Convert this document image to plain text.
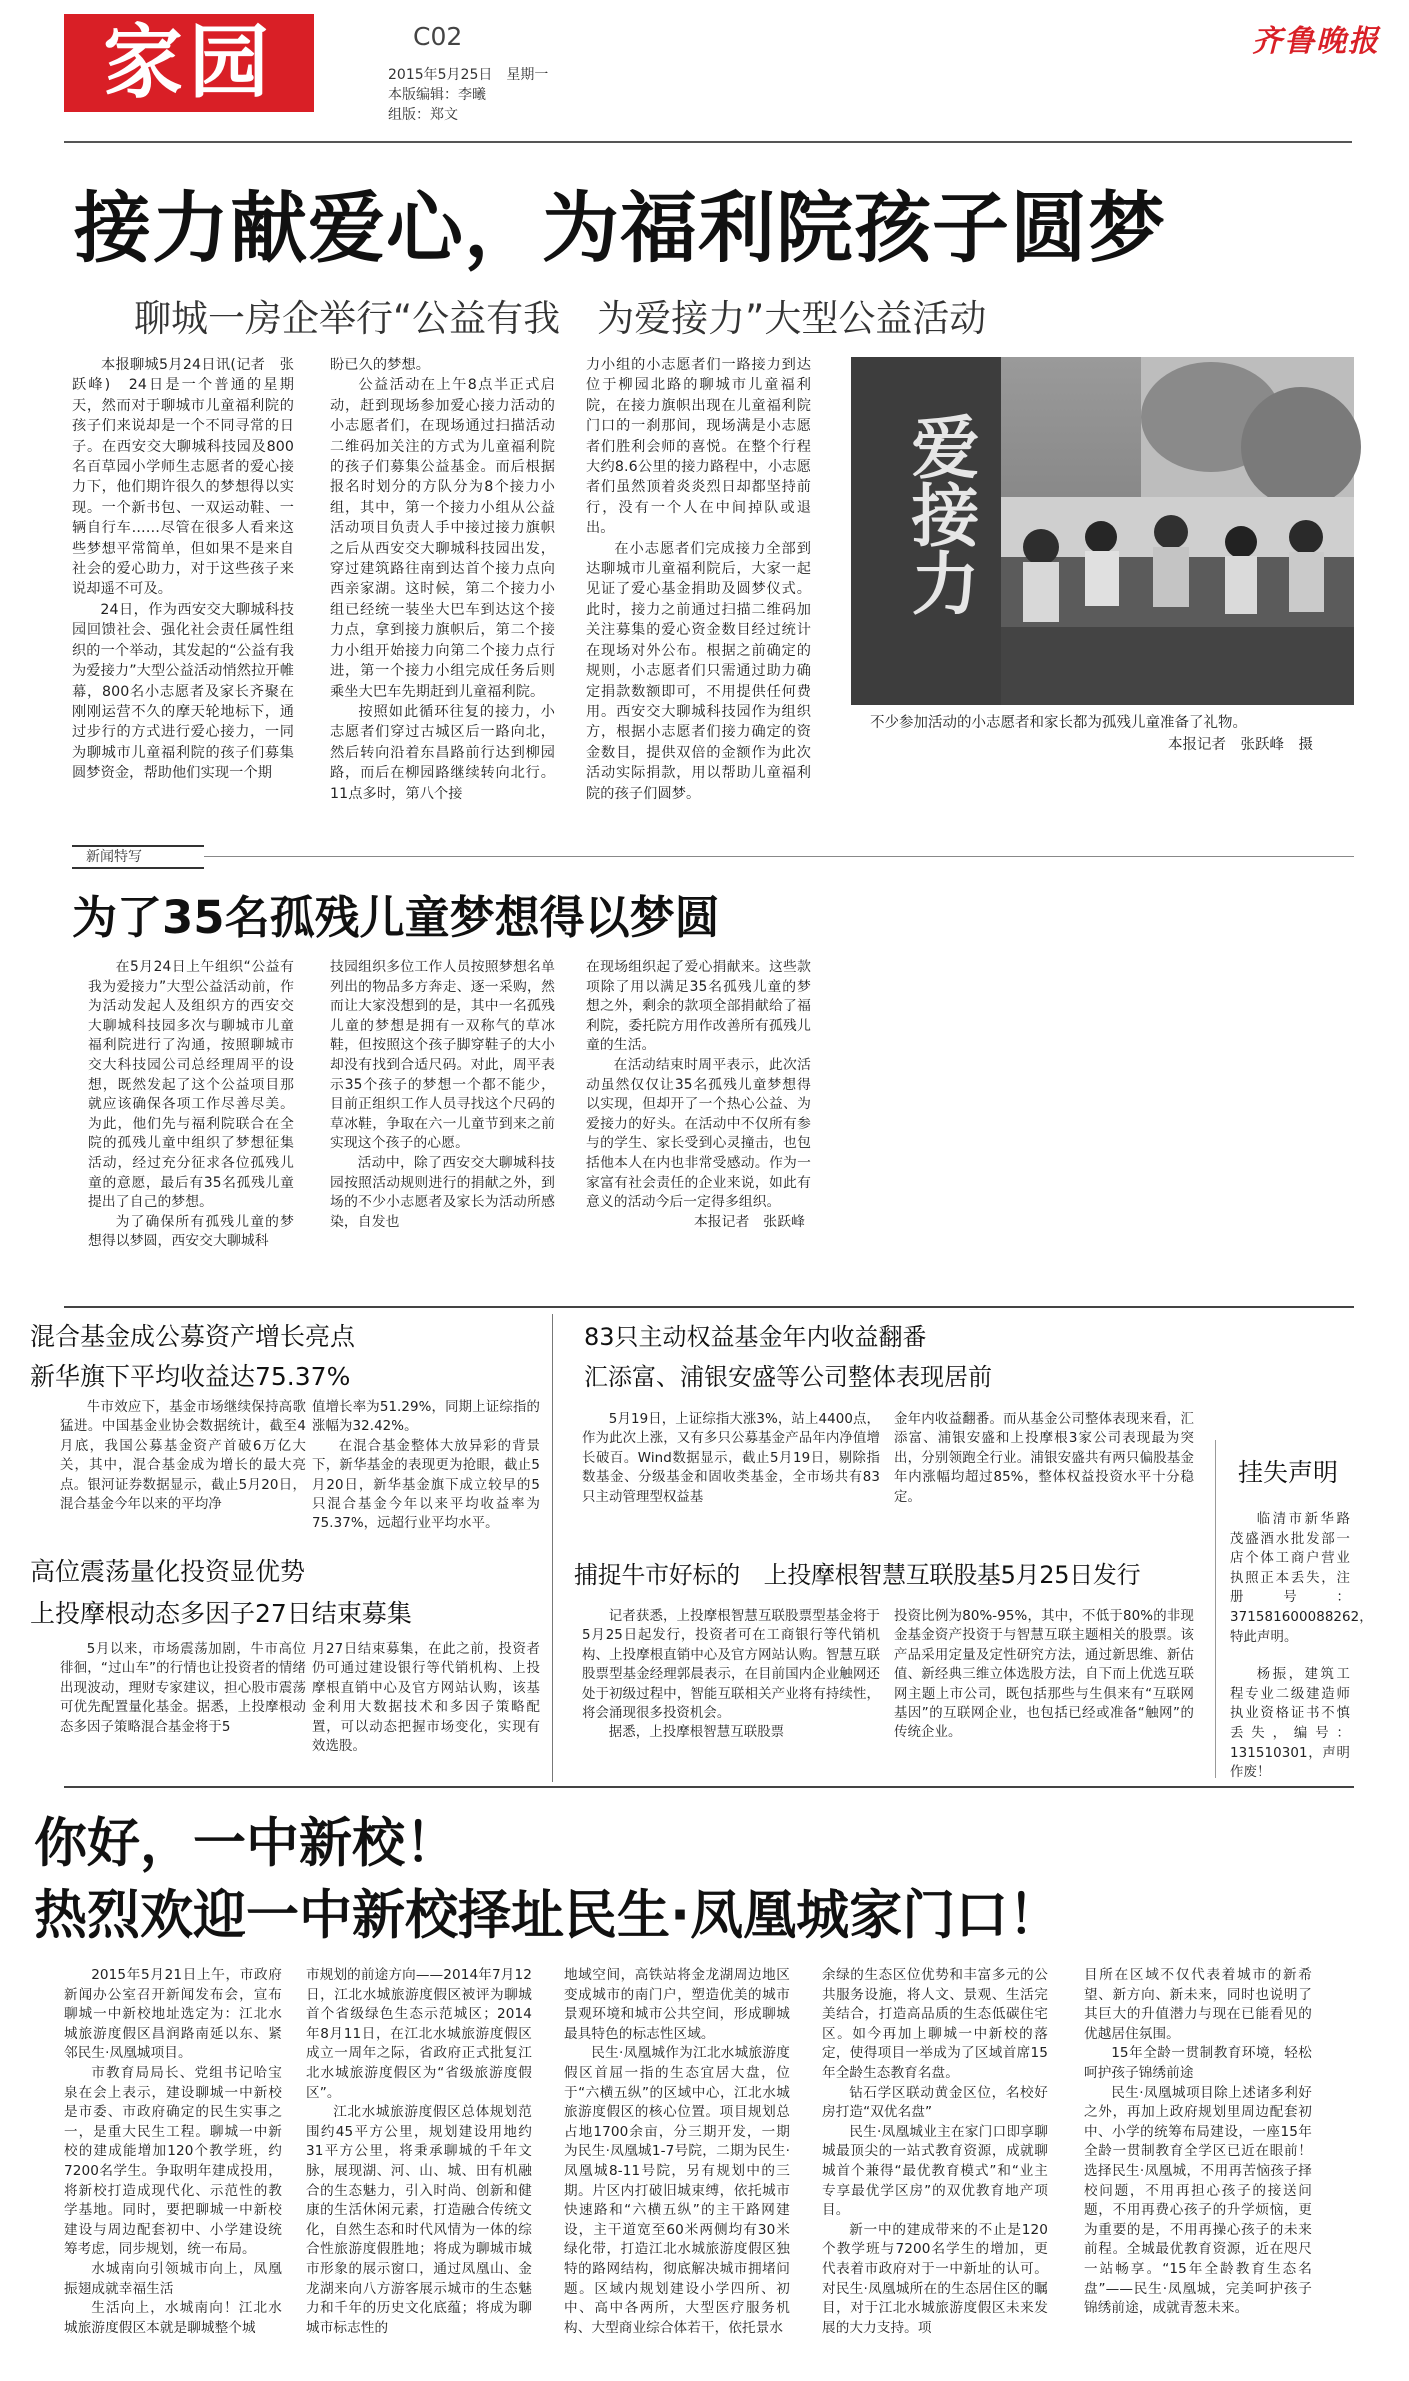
家园	C02
2015年5月25日　星期一
本版编辑：李曦
组版：郑文
齐鲁晚报
接力献爱心，为福利院孩子圆梦
聊城一房企举行“公益有我　为爱接力”大型公益活动

　　本报聊城5月24日讯(记者　张跃峰)　24日是一个普通的星期天，然而对于聊城市儿童福利院的孩子们来说却是一个不同寻常的日子。在西安交大聊城科技园及800名百草园小学师生志愿者的爱心接力下，他们期许很久的梦想得以实现。一个新书包、一双运动鞋、一辆自行车……尽管在很多人看来这些梦想平常简单，但如果不是来自社会的爱心助力，对于这些孩子来说却遥不可及。

24日，作为西安交大聊城科技园回馈社会、强化社会责任属性组织的一个举动，其发起的“公益有我　为爱接力”大型公益活动悄然拉开帷幕，800名小志愿者及家长齐聚在刚刚运营不久的摩天轮地标下，通过步行的方式进行爱心接力，一同为聊城市儿童福利院的孩子们募集圆梦资金，帮助他们实现一个期

盼已久的梦想。

公益活动在上午8点半正式启动，赶到现场参加爱心接力活动的小志愿者们，在现场通过扫描活动二维码加关注的方式为儿童福利院的孩子们募集公益基金。而后根据报名时划分的方队分为8个接力小组，其中，第一个接力小组从公益活动项目负责人手中接过接力旗帜之后从西安交大聊城科技园出发，穿过建筑路往南到达首个接力点向西亲家湖。这时候，第二个接力小组已经统一装坐大巴车到达这个接力点，拿到接力旗帜后，第二个接力小组开始接力向第二个接力点行进，第一个接力小组完成任务后则乘坐大巴车先期赶到儿童福利院。

按照如此循环往复的接力，小志愿者们穿过古城区后一路向北，然后转向沿着东昌路前行达到柳园路，而后在柳园路继续转向北行。11点多时，第八个接

力小组的小志愿者们一路接力到达位于柳园北路的聊城市儿童福利院，在接力旗帜出现在儿童福利院门口的一刹那间，现场满是小志愿者们胜利会师的喜悦。在整个行程大约8.6公里的接力路程中，小志愿者们虽然顶着炎炎烈日却都坚持前行，没有一个人在中间掉队或退出。

在小志愿者们完成接力全部到达聊城市儿童福利院后，大家一起见证了爱心基金捐助及圆梦仪式。此时，接力之前通过扫描二维码加关注募集的爱心资金数目经过统计在现场对外公布。根据之前确定的规则，小志愿者们只需通过助力确定捐款数额即可，不用提供任何费用。西安交大聊城科技园作为组织方，根据小志愿者们接力确定的资金数目，提供双倍的金额作为此次活动实际捐款，用以帮助儿童福利院的孩子们圆梦。

爱接力
不少参加活动的小志愿者和家长都为孤残儿童准备了礼物。
本报记者　张跃峰　摄
新闻特写
为了35名孤残儿童梦想得以梦圆

在5月24日上午组织“公益有我为爱接力”大型公益活动前，作为活动发起人及组织方的西安交大聊城科技园多次与聊城市儿童福利院进行了沟通，按照聊城市交大科技园公司总经理周平的设想，既然发起了这个公益项目那就应该确保各项工作尽善尽美。为此，他们先与福利院联合在全院的孤残儿童中组织了梦想征集活动，经过充分征求各位孤残儿童的意愿，最后有35名孤残儿童提出了自己的梦想。

为了确保所有孤残儿童的梦想得以梦圆，西安交大聊城科

技园组织多位工作人员按照梦想名单列出的物品多方奔走、逐一采购，然而让大家没想到的是，其中一名孤残儿童的梦想是拥有一双称气的草冰鞋，但按照这个孩子脚穿鞋子的大小却没有找到合适尺码。对此，周平表示35个孩子的梦想一个都不能少，目前正组织工作人员寻找这个尺码的草冰鞋，争取在六一儿童节到来之前实现这个孩子的心愿。

活动中，除了西安交大聊城科技园按照活动规则进行的捐献之外，到场的不少小志愿者及家长为活动所感染，自发也

在现场组织起了爱心捐献来。这些款项除了用以满足35名孤残儿童的梦想之外，剩余的款项全部捐献给了福利院，委托院方用作改善所有孤残儿童的生活。

在活动结束时周平表示，此次活动虽然仅仅让35名孤残儿童梦想得以实现，但却开了一个热心公益、为爱接力的好头。在活动中不仅所有参与的学生、家长受到心灵撞击，也包括他本人在内也非常受感动。作为一家富有社会责任的企业来说，如此有意义的活动今后一定得多组织。

本报记者　张跃峰

混合基金成公募资产增长亮点
新华旗下平均收益达75.37%

牛市效应下，基金市场继续保持高歌猛进。中国基金业协会数据统计，截至4月底，我国公募基金资产首破6万亿大关，其中，混合基金成为增长的最大亮点。银河证券数据显示，截止5月20日，混合基金今年以来的平均净

值增长率为51.29%，同期上证综指的涨幅为32.42%。

在混合基金整体大放异彩的背景下，新华基金的表现更为抢眼，截止5月20日，新华基金旗下成立较早的5只混合基金今年以来平均收益率为75.37%，远超行业平均水平。

高位震荡量化投资显优势
上投摩根动态多因子27日结束募集

5月以来，市场震荡加剧，牛市高位徘徊，“过山车”的行情也让投资者的情绪出现波动，理财专家建议，担心股市震荡可优先配置量化基金。据悉，上投摩根动态多因子策略混合基金将于5

月27日结束募集，在此之前，投资者仍可通过建设银行等代销机构、上投摩根直销中心及官方网站认购，该基金利用大数据技术和多因子策略配置，可以动态把握市场变化，实现有效选股。

83只主动权益基金年内收益翻番
汇添富、浦银安盛等公司整体表现居前

5月19日，上证综指大涨3%，站上4400点，作为此次上涨，又有多只公募基金产品年内净值增长破百。Wind数据显示，截止5月19日，剔除指数基金、分级基金和固收类基金，全市场共有83只主动管理型权益基

金年内收益翻番。而从基金公司整体表现来看，汇添富、浦银安盛和上投摩根3家公司表现最为突出，分别领跑全行业。浦银安盛共有两只偏股基金年内涨幅均超过85%，整体权益投资水平十分稳定。

捕捉牛市好标的　上投摩根智慧互联股基5月25日发行

记者获悉，上投摩根智慧互联股票型基金将于5月25日起发行，投资者可在工商银行等代销机构、上投摩根直销中心及官方网站认购。智慧互联股票型基金经理郭晨表示，在目前国内企业触网还处于初级过程中，智能互联相关产业将有持续性，将会涌现很多投资机会。

据悉，上投摩根智慧互联股票

投资比例为80%-95%，其中，不低于80%的非现金基金资产投资于与智慧互联主题相关的股票。该产品采用定量及定性研究方法，通过新思维、新估值、新经典三维立体选股方法，自下而上优选互联网主题上市公司，既包括那些与生俱来有“互联网基因”的互联网企业，也包括已经或准备“触网”的传统企业。

挂失声明

临清市新华路茂盛酒水批发部一店个体工商户营业执照正本丢失，注册号：371581600088262，特此声明。

杨振，建筑工程专业二级建造师执业资格证书不慎丢失，编号：131510301，声明作废！

你好，一中新校！
热烈欢迎一中新校择址民生·凤凰城家门口！

2015年5月21日上午，市政府新闻办公室召开新闻发布会，宣布聊城一中新校地址选定为：江北水城旅游度假区昌润路南延以东、紧邻民生·凤凰城项目。

市教育局局长、党组书记哈宝泉在会上表示，建设聊城一中新校是市委、市政府确定的民生实事之一，是重大民生工程。聊城一中新校的建成能增加120个教学班，约7200名学生。争取明年建成投用，将新校打造成现代化、示范性的教学基地。同时，要把聊城一中新校建设与周边配套初中、小学建设统筹考虑，同步规划，统一布局。

水城南向引领城市向上，凤凰振翅成就幸福生活

生活向上，水城南向！江北水城旅游度假区本就是聊城整个城

市规划的前途方向——2014年7月12日，江北水城旅游度假区被评为聊城首个省级绿色生态示范城区；2014年8月11日，在江北水城旅游度假区成立一周年之际，省政府正式批复江北水城旅游度假区为“省级旅游度假区”。

江北水城旅游度假区总体规划范围约45平方公里，规划建设用地约31平方公里，将秉承聊城的千年文脉，展现湖、河、山、城、田有机融合的生态魅力，引入时尚、创新和健康的生活休闲元素，打造融合传统文化，自然生态和时代风情为一体的综合性旅游度假胜地；将成为聊城市城市形象的展示窗口，通过凤凰山、金龙湖来向八方游客展示城市的生态魅力和千年的历史文化底蕴；将成为聊城市标志性的

地域空间，高铁站将金龙湖周边地区变成城市的南门户，塑造优美的城市景观环境和城市公共空间，形成聊城最具特色的标志性区域。

民生·凤凰城作为江北水城旅游度假区首屈一指的生态宜居大盘，位于“六横五纵”的区域中心，江北水城旅游度假区的核心位置。项目规划总占地1700余亩，分三期开发，一期为民生·凤凰城1-7号院，二期为民生·凤凰城8-11号院，另有规划中的三期。片区内打破旧城束缚，依托城市快速路和“六横五纵”的主干路网建设，主干道宽至60米两侧均有30米绿化带，打造江北水城旅游度假区独特的路网结构，彻底解决城市拥堵问题。区域内规划建设小学四所、初中、高中各两所，大型医疗服务机构、大型商业综合体若干，依托景水

余绿的生态区位优势和丰富多元的公共服务设施，将人文、景观、生活完美结合，打造高品质的生态低碳住宅区。如今再加上聊城一中新校的落定，使得项目一举成为了区域首席15年全龄生态教育名盘。

钻石学区联动黄金区位，名校好房打造“双优名盘”

民生·凤凰城业主在家门口即享聊城最顶尖的一站式教育资源，成就聊城首个兼得“最优教育模式”和“业主专享最优学区房”的双优教育地产项目。

新一中的建成带来的不止是120个教学班与7200名学生的增加，更代表着市政府对于一中新址的认可。对民生·凤凰城所在的生态居住区的瞩目，对于江北水城旅游度假区未来发展的大力支持。项

目所在区域不仅代表着城市的新希望、新方向、新未来，同时也说明了其巨大的升值潜力与现在已能看见的优越居住氛围。

15年全龄一贯制教育环境，轻松呵护孩子锦绣前途

民生·凤凰城项目除上述诸多利好之外，再加上政府规划里周边配套初中、小学的统筹布局建设，一座15年全龄一贯制教育全学区已近在眼前！选择民生·凤凰城，不用再苦恼孩子择校问题，不用再担心孩子的接送问题，不用再费心孩子的升学烦恼，更为重要的是，不用再操心孩子的未来前程。全城最优教育资源，近在咫尺一站畅享。“15年全龄教育生态名盘”——民生·凤凰城，完美呵护孩子锦绣前途，成就青葱未来。
